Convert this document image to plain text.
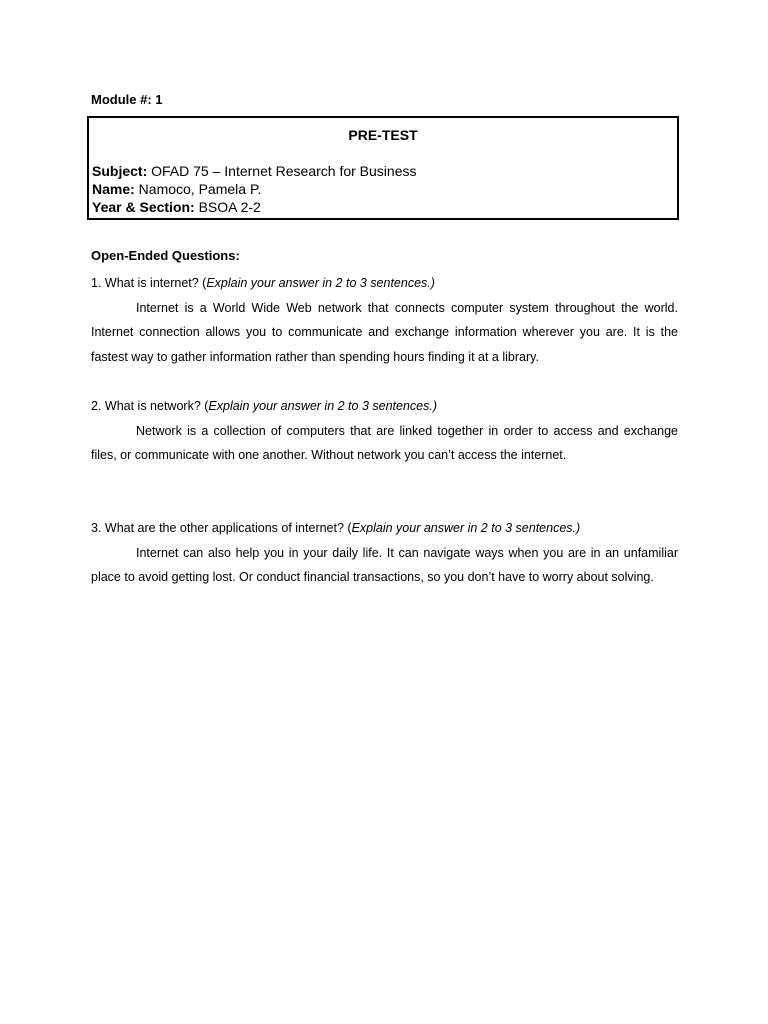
Module #: 1
PRE-TEST
Subject: OFAD 75 – Internet Research for Business
Name: Namoco, Pamela P.
Year & Section: BSOA 2-2
Open-Ended Questions:
1. What is internet? (Explain your answer in 2 to 3 sentences.)

Internet is a World Wide Web network that connects computer system throughout the world. Internet connection allows you to communicate and exchange information wherever you are. It is the fastest way to gather information rather than spending hours finding it at a library.

2. What is network? (Explain your answer in 2 to 3 sentences.)

Network is a collection of computers that are linked together in order to access and exchange files, or communicate with one another. Without network you can’t access the internet.

3. What are the other applications of internet? (Explain your answer in 2 to 3 sentences.)

Internet can also help you in your daily life. It can navigate ways when you are in an unfamiliar place to avoid getting lost. Or conduct financial transactions, so you don’t have to worry about solving.
